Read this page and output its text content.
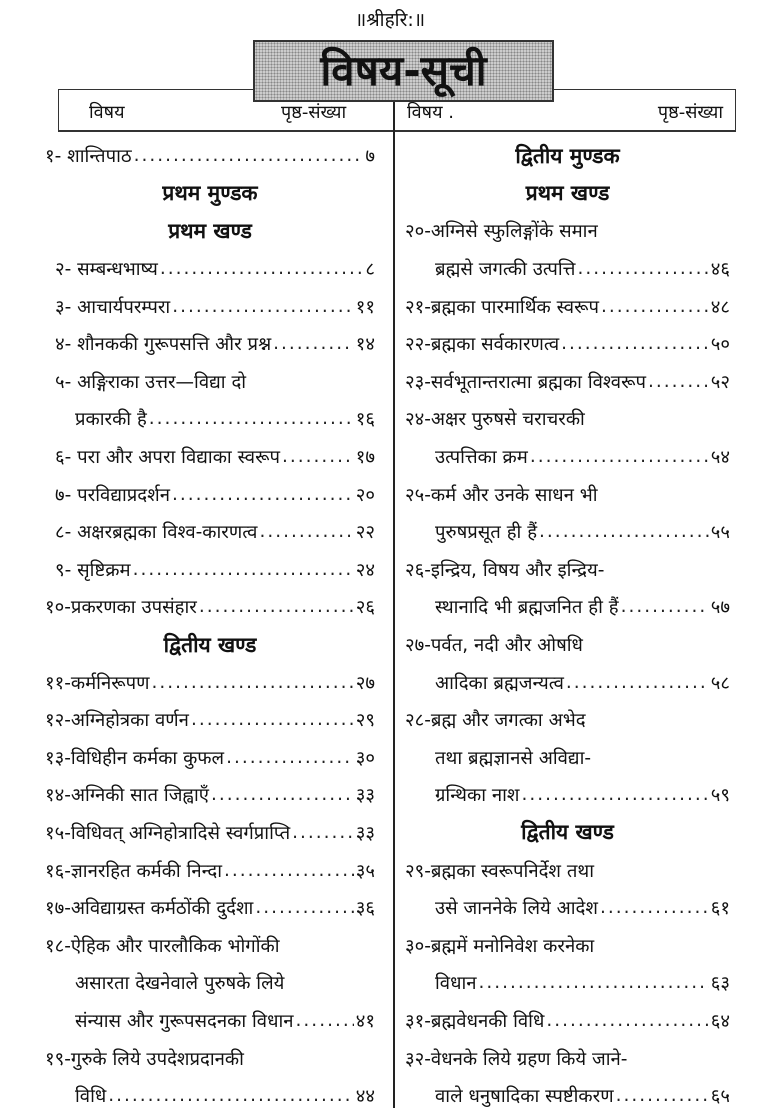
॥श्रीहरि:॥
विषय-सूची
विषय	पृष्ठ-संख्या	विषय .	पृष्ठ-संख्या
१- शान्तिपाठ .....	७
प्रथम मुण्डक
प्रथम खण्ड
२- सम्बन्धभाष्य .....	८
३- आचार्यपरम्परा .....	११
४- शौनककी गुरूपसत्ति और प्रश्न .....	१४
५- अङ्गिराका उत्तर—विद्या दो
प्रकारकी है .....	१६
६- परा और अपरा विद्याका स्वरूप .....	१७
७- परविद्याप्रदर्शन .....	२०
८- अक्षरब्रह्मका विश्व-कारणत्व .....	२२
९- सृष्टिक्रम .....	२४
१०-प्रकरणका उपसंहार .....	२६
द्वितीय खण्ड
११-कर्मनिरूपण .....	२७
१२-अग्निहोत्रका वर्णन .....	२९
१३-विधिहीन कर्मका कुफल .....	३०
१४-अग्निकी सात जिह्वाएँ .....	३३
१५-विधिवत् अग्निहोत्रादिसे स्वर्गप्राप्ति .....	३३
१६-ज्ञानरहित कर्मकी निन्दा .....	३५
१७-अविद्याग्रस्त कर्मठोंकी दुर्दशा .....	३६
१८-ऐहिक और पारलौकिक भोगोंकी
असारता देखनेवाले पुरुषके लिये
संन्यास और गुरूपसदनका विधान .....	४१
१९-गुरुके लिये उपदेशप्रदानकी
विधि .....	४४
द्वितीय मुण्डक
प्रथम खण्ड
२०-अग्निसे स्फुलिङ्गोंके समान
ब्रह्मसे जगत्की उत्पत्ति .....	४६
२१-ब्रह्मका पारमार्थिक स्वरूप .....	४८
२२-ब्रह्मका सर्वकारणत्व .....	५०
२३-सर्वभूतान्तरात्मा ब्रह्मका विश्वरूप .....	५२
२४-अक्षर पुरुषसे चराचरकी
उत्पत्तिका क्रम .....	५४
२५-कर्म और उनके साधन भी
पुरुषप्रसूत ही हैं .....	५५
२६-इन्द्रिय, विषय और इन्द्रिय-
स्थानादि भी ब्रह्मजनित ही हैं .....	५७
२७-पर्वत, नदी और ओषधि
आदिका ब्रह्मजन्यत्व .....	५८
२८-ब्रह्म और जगत्का अभेद
तथा ब्रह्मज्ञानसे अविद्या-
ग्रन्थिका नाश .....	५९
द्वितीय खण्ड
२९-ब्रह्मका स्वरूपनिर्देश तथा
उसे जाननेके लिये आदेश .....	६१
३०-ब्रह्ममें मनोनिवेश करनेका
विधान .....	६३
३१-ब्रह्मवेधनकी विधि .....	६४
३२-वेधनके लिये ग्रहण किये जाने-
वाले धनुषादिका स्पष्टीकरण .....	६५
